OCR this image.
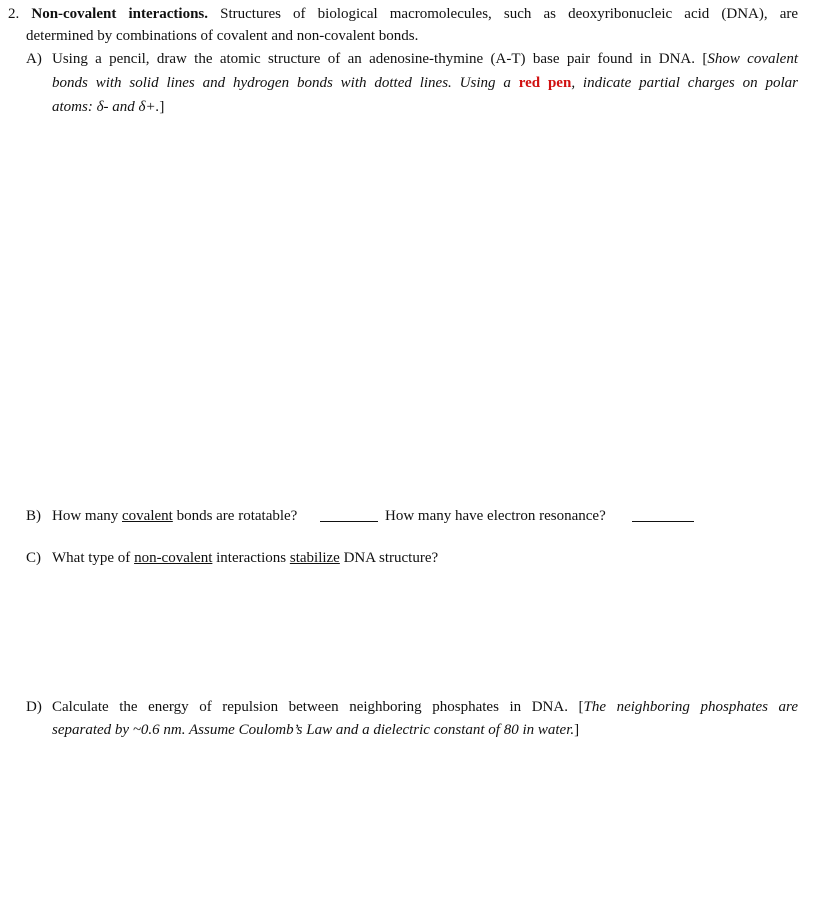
2. Non-covalent interactions. Structures of biological macromolecules, such as deoxyribonucleic acid (DNA), are
determined by combinations of covalent and non-covalent bonds.
A) Using a pencil, draw the atomic structure of an adenosine-thymine (A-T) base pair found in DNA. [Show covalent
bonds with solid lines and hydrogen bonds with dotted lines. Using a red pen, indicate partial charges on polar
atoms: δ- and δ+.]
B) How many covalent bonds are rotatable?	How many have electron resonance?
C) What type of non-covalent interactions stabilize DNA structure?
D) Calculate the energy of repulsion between neighboring phosphates in DNA. [The neighboring phosphates are
separated by ~0.6 nm. Assume Coulomb’s Law and a dielectric constant of 80 in water.]
